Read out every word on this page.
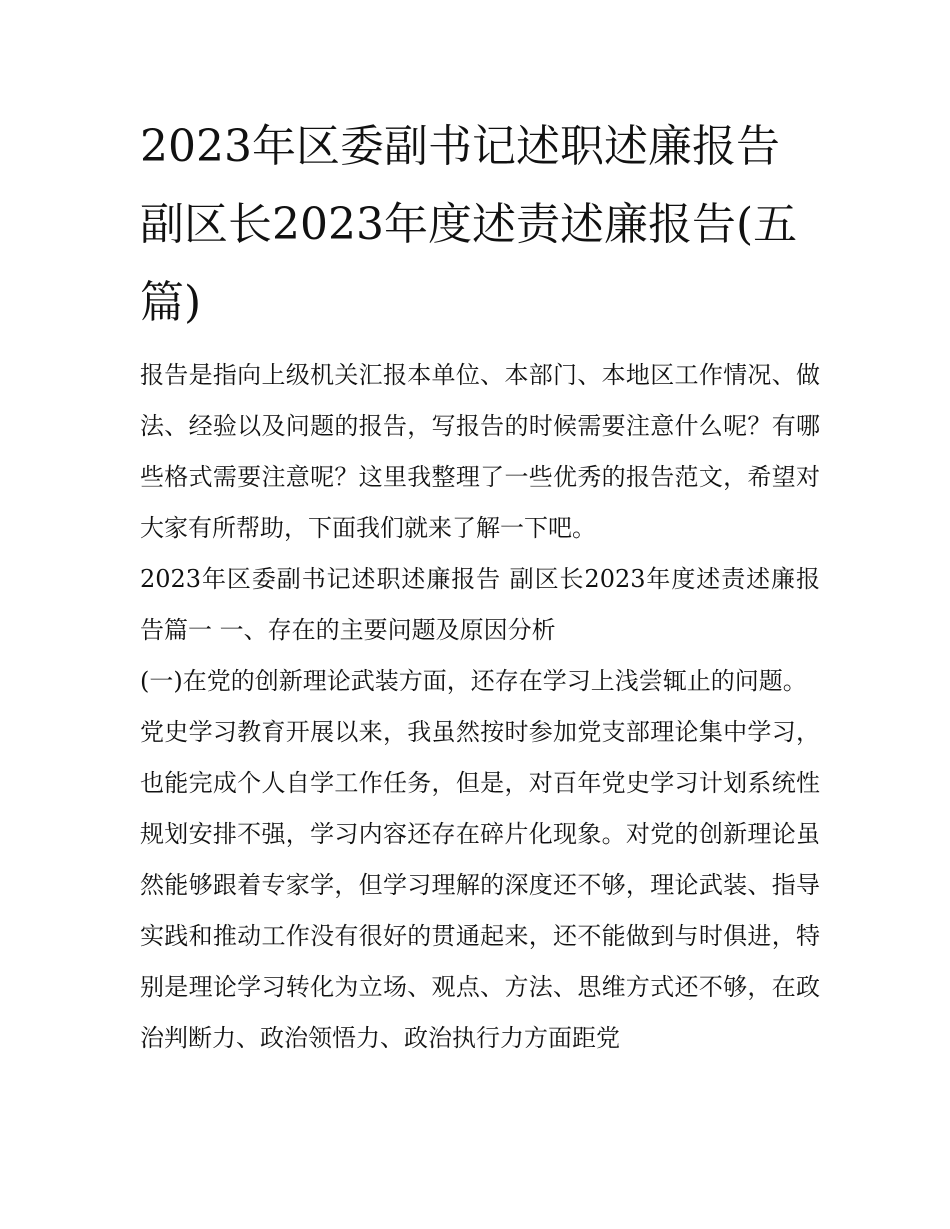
2023年区委副书记述职述廉报告 副区长2023年度述责述廉报告(五篇)

报告是指向上级机关汇报本单位、本部门、本地区工作情况、做法、经验以及问题的报告，写报告的时候需要注意什么呢？有哪些格式需要注意呢？这里我整理了一些优秀的报告范文，希望对大家有所帮助，下面我们就来了解一下吧。

2023年区委副书记述职述廉报告 副区长2023年度述责述廉报告篇一 一、存在的主要问题及原因分析

(一)在党的创新理论武装方面，还存在学习上浅尝辄止的问题。

党史学习教育开展以来，我虽然按时参加党支部理论集中学习，也能完成个人自学工作任务，但是，对百年党史学习计划系统性规划安排不强，学习内容还存在碎片化现象。对党的创新理论虽然能够跟着专家学，但学习理解的深度还不够，理论武装、指导实践和推动工作没有很好的贯通起来，还不能做到与时俱进，特别是理论学习转化为立场、观点、方法、思维方式还不够，在政治判断力、政治领悟力、政治执行力方面距党
